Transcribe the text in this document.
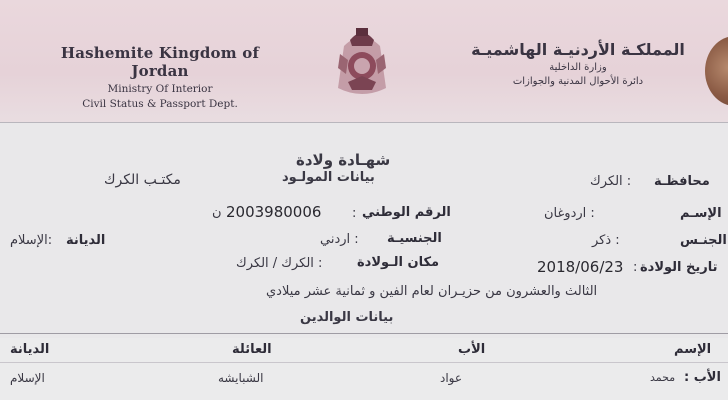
Hashemite Kingdom of Jordan
Ministry Of Interior
Civil Status & Passport Dept.
المملكـة الأردنيـة الهاشميـة
وزارة الداخلية
دائرة الأحوال المدنية والجوازات
شهـادة ولادة
بيانات المولـود
مكتـب الكرك	محافظـة
: الكرك
الإسـم
: اردوغان
الرقم الوطني
:
2003980006
ن
الديانة
:الإسلام	الجنـس
: ذكر
الجنسيـة
: اردني
تاريخ الولادة
:
2018/06/23
مكان الـولادة
: الكرك / الكرك
الثالث والعشرون من حزيـران لعام الفين و ثمانية عشر ميلادي
بيانات الوالدين
الإسم
الأب
العائلة
الديانة
الأب :
محمد
عواد
الشبايشه
الإسلام
